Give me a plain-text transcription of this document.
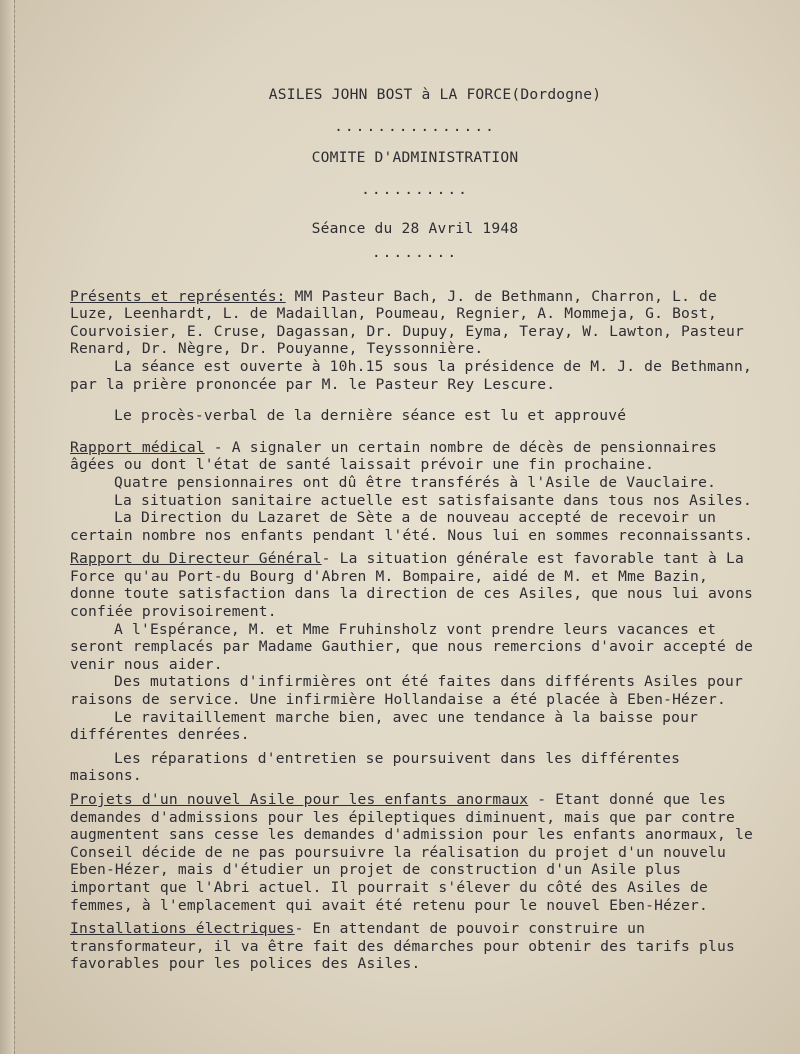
ASILES JOHN BOST à LA FORCE(Dordogne)
...............
COMITE D'ADMINISTRATION
..........
Séance du 28 Avril 1948
........

Présents et représentés: MM Pasteur Bach, J. de Bethmann, Charron, L. de Luze, Leenhardt, L. de Madaillan, Poumeau, Regnier, A. Mommeja, G. Bost, Courvoisier, E. Cruse, Dagassan, Dr. Dupuy, Eyma, Teray, W. Lawton, Pasteur Renard, Dr. Nègre, Dr. Pouyanne, Teyssonnière.

La séance est ouverte à 10h.15 sous la présidence de M. J. de Bethmann, par la prière prononcée par M. le Pasteur Rey Lescure.

Le procès-verbal de la dernière séance est lu et approuvé

Rapport médical - A signaler un certain nombre de décès de pensionnaires âgées ou dont l'état de santé laissait prévoir une fin prochaine.

Quatre pensionnaires ont dû être transférés à l'Asile de Vauclaire.

La situation sanitaire actuelle est satisfaisante dans tous nos Asiles.

La Direction du Lazaret de Sète a de nouveau accepté de recevoir un certain nombre nos enfants pendant l'été. Nous lui en sommes reconnaissants.

Rapport du Directeur Général- La situation générale est favorable tant à La Force qu'au Port-du Bourg d'Abren M. Bompaire, aidé de M. et Mme Bazin, donne toute satisfaction dans la direction de ces Asiles, que nous lui avons confiée provisoirement.

A l'Espérance, M. et Mme Fruhinsholz vont prendre leurs vacances et seront remplacés par Madame Gauthier, que nous remercions d'avoir accepté de venir nous aider.

Des mutations d'infirmières ont été faites dans différents Asiles pour raisons de service. Une infirmière Hollandaise a été placée à Eben-Hézer.

Le ravitaillement marche bien, avec une tendance à la baisse pour différentes denrées.

Les réparations d'entretien se poursuivent dans les différentes maisons.

Projets d'un nouvel Asile pour les enfants anormaux - Etant donné que les demandes d'admissions pour les épileptiques diminuent, mais que par contre augmentent sans cesse les demandes d'admission pour les enfants anormaux, le Conseil décide de ne pas poursuivre la réalisation du projet d'un nouvelu Eben-Hézer, mais d'étudier un projet de construction d'un Asile plus important que l'Abri actuel. Il pourrait s'élever du côté des Asiles de femmes, à l'emplacement qui avait été retenu pour le nouvel Eben-Hézer.

Installations électriques- En attendant de pouvoir construire un transformateur, il va être fait des démarches pour obtenir des tarifs plus favorables pour les polices des Asiles.
